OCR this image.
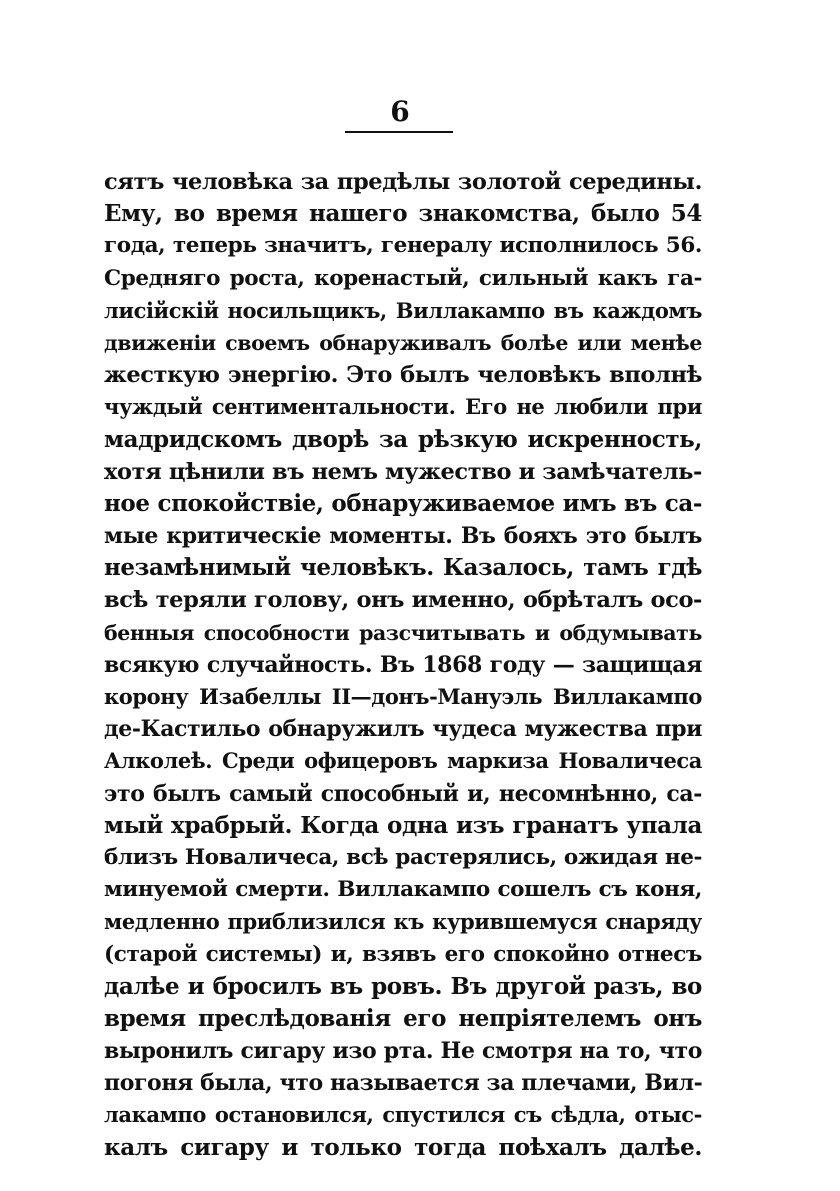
6
сятъ человѣка за предѣлы золотой середины.
Ему, во время нашего знакомства, было 54
года, теперь значитъ, генералу исполнилось 56.
Средняго роста, коренастый, сильный какъ га-
лисійскій носильщикъ, Виллакампо въ каждомъ
движеніи своемъ обнаруживалъ болѣе или менѣе
жесткую энергію. Это былъ человѣкъ вполнѣ
чуждый сентиментальности. Его не любили при
мадридскомъ дворѣ за рѣзкую искренность,
хотя цѣнили въ немъ мужество и замѣчатель-
ное спокойствіе, обнаруживаемое имъ въ са-
мые критическіе моменты. Въ бояхъ это былъ
незамѣнимый человѣкъ. Казалось, тамъ гдѣ
всѣ теряли голову, онъ именно, обрѣталъ осо-
бенныя способности разсчитывать и обдумывать
всякую случайность. Въ 1868 году — защищая
корону Изабеллы II—донъ-Мануэль Виллакампо
де-Кастильо обнаружилъ чудеса мужества при
Алколеѣ. Среди офицеровъ маркиза Новаличеса
это былъ самый способный и, несомнѣнно, са-
мый храбрый. Когда одна изъ гранатъ упала
близъ Новаличеса, всѣ растерялись, ожидая не-
минуемой смерти. Виллакампо сошелъ съ коня,
медленно приблизился къ курившемуся снаряду
(старой системы) и, взявъ его спокойно отнесъ
далѣе и бросилъ въ ровъ. Въ другой разъ, во
время преслѣдованія его непріятелемъ онъ
выронилъ сигару изо рта. Не смотря на то, что
погоня была, что называется за плечами, Вил-
лакампо остановился, спустился съ сѣдла, отыс-
калъ сигару и только тогда поѣхалъ далѣе.
